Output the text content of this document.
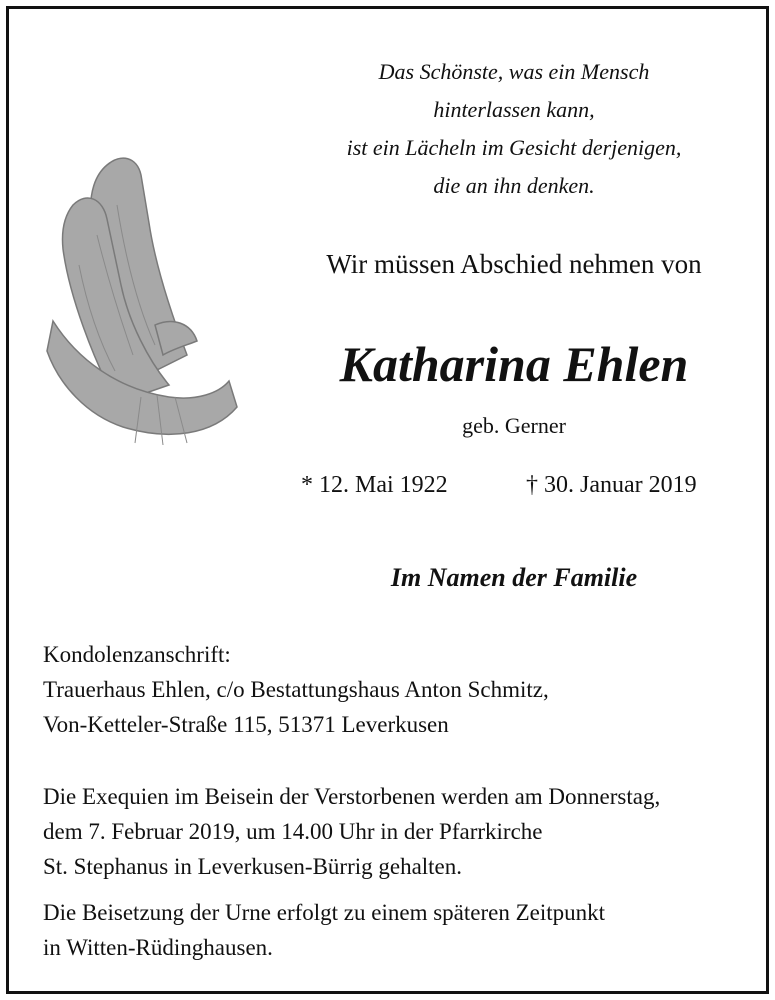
Das Schönste, was ein Mensch
hinterlassen kann,
ist ein Lächeln im Gesicht derjenigen,
die an ihn denken.
Wir müssen Abschied nehmen von
Katharina Ehlen
geb. Gerner
* 12. Mai 1922	† 30. Januar 2019
Im Namen der Familie
Kondolenzanschrift:
Trauerhaus Ehlen, c/o Bestattungshaus Anton Schmitz,
Von-Ketteler-Straße 115, 51371 Leverkusen
Die Exequien im Beisein der Verstorbenen werden am Donnerstag,
dem 7. Februar 2019, um 14.00 Uhr in der Pfarrkirche
St. Stephanus in Leverkusen-Bürrig gehalten.
Die Beisetzung der Urne erfolgt zu einem späteren Zeitpunkt
in Witten-Rüdinghausen.
